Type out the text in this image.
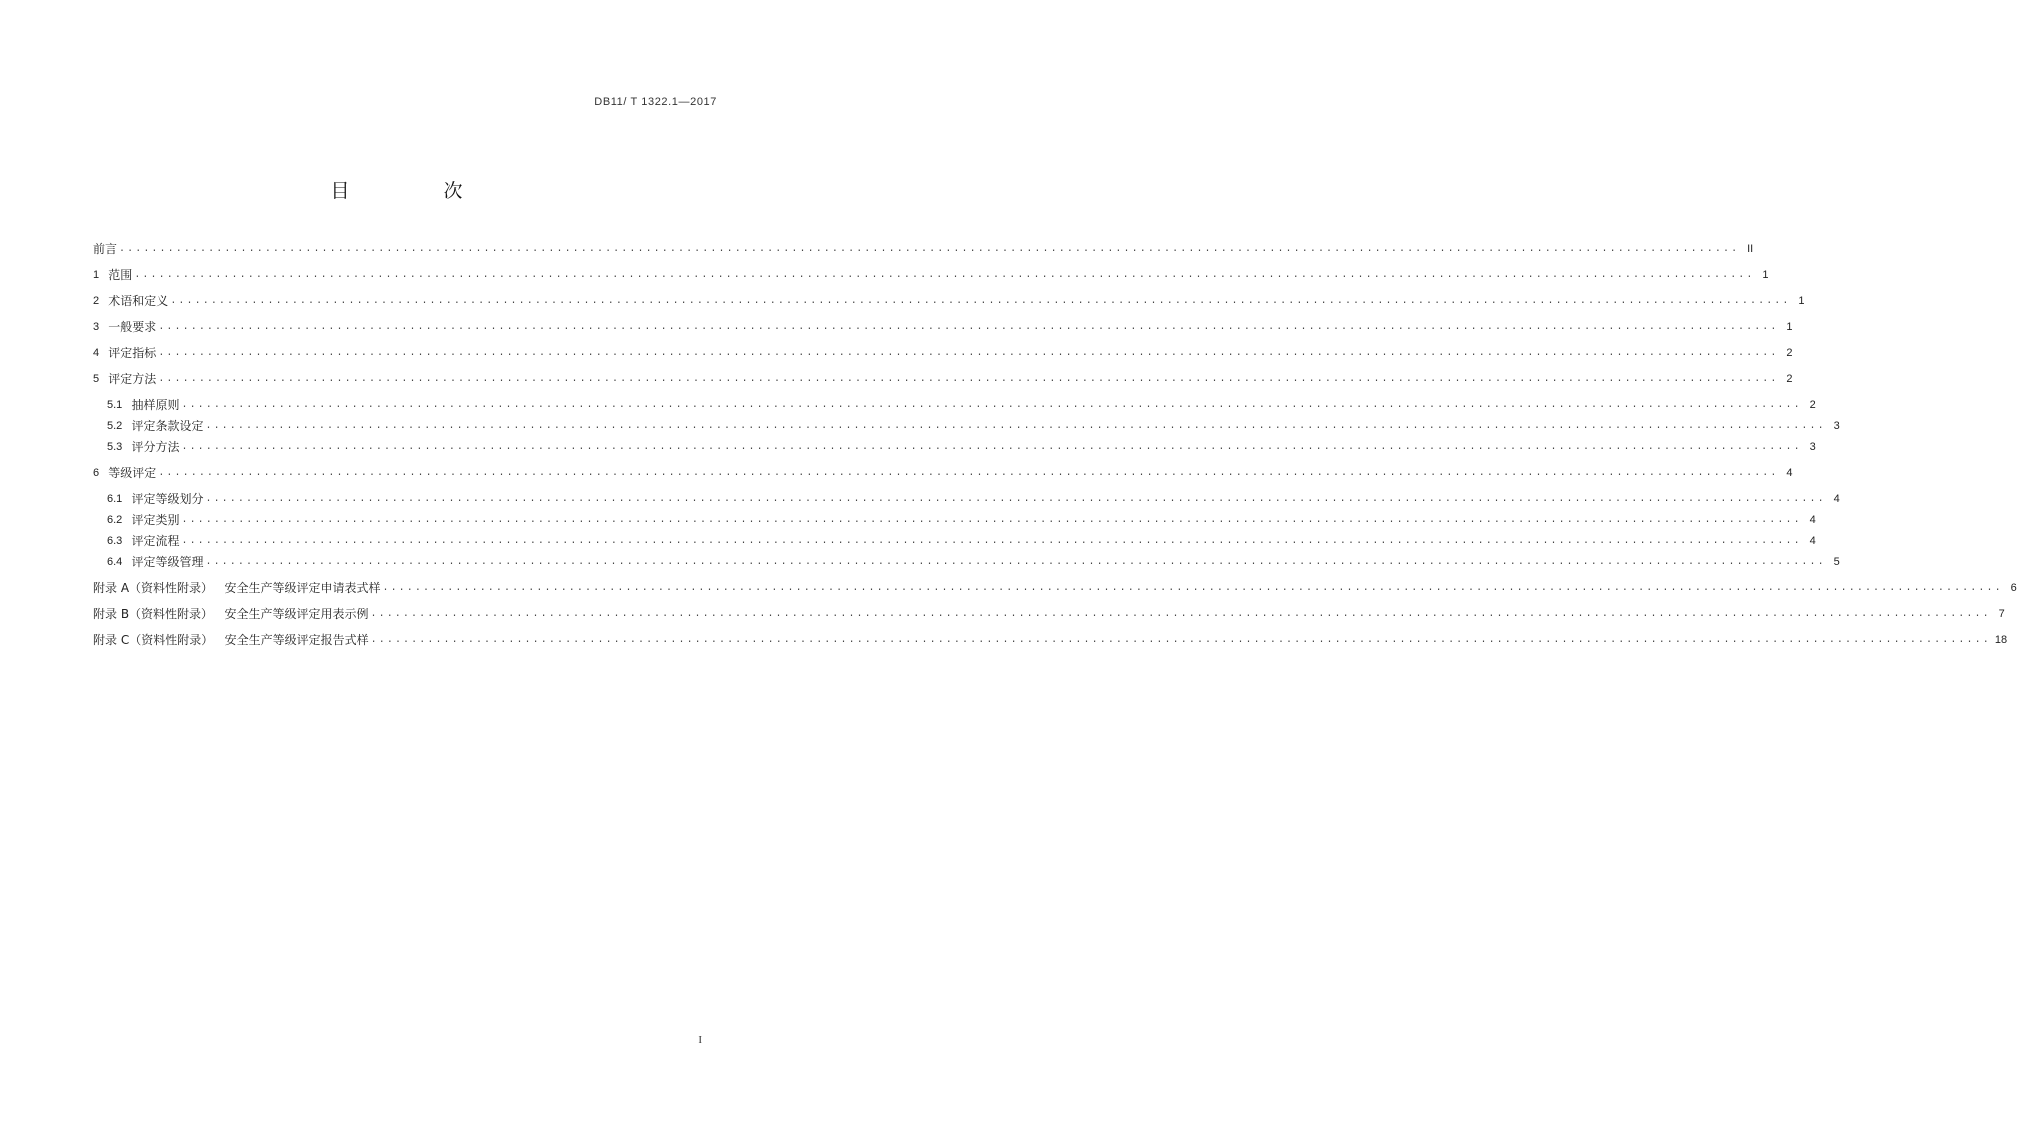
DB11/ T 1322.1—2017
目 次
前言 ........................................................................................................................................................................................................ II
1 范围 ........................................................................................................................................................................................................ 1
2 术语和定义 ........................................................................................................................................................................................................ 1
3 一般要求 ........................................................................................................................................................................................................ 1
4 评定指标 ........................................................................................................................................................................................................ 2
5 评定方法 ........................................................................................................................................................................................................ 2
5.1 抽样原则 ........................................................................................................................................................................................................ 2
5.2 评定条款设定 ........................................................................................................................................................................................................ 3
5.3 评分方法 ........................................................................................................................................................................................................ 3
6 等级评定 ........................................................................................................................................................................................................ 4
6.1 评定等级划分 ........................................................................................................................................................................................................ 4
6.2 评定类别 ........................................................................................................................................................................................................ 4
6.3 评定流程 ........................................................................................................................................................................................................ 4
6.4 评定等级管理 ........................................................................................................................................................................................................ 5
附录 A（资料性附录）   安全生产等级评定申请表式样 ........................................................................................................................................................................................................ 6
附录 B（资料性附录）   安全生产等级评定用表示例 ........................................................................................................................................................................................................ 7
附录 C（资料性附录）   安全生产等级评定报告式样 ........................................................................................................................................................................................................ 18
I
